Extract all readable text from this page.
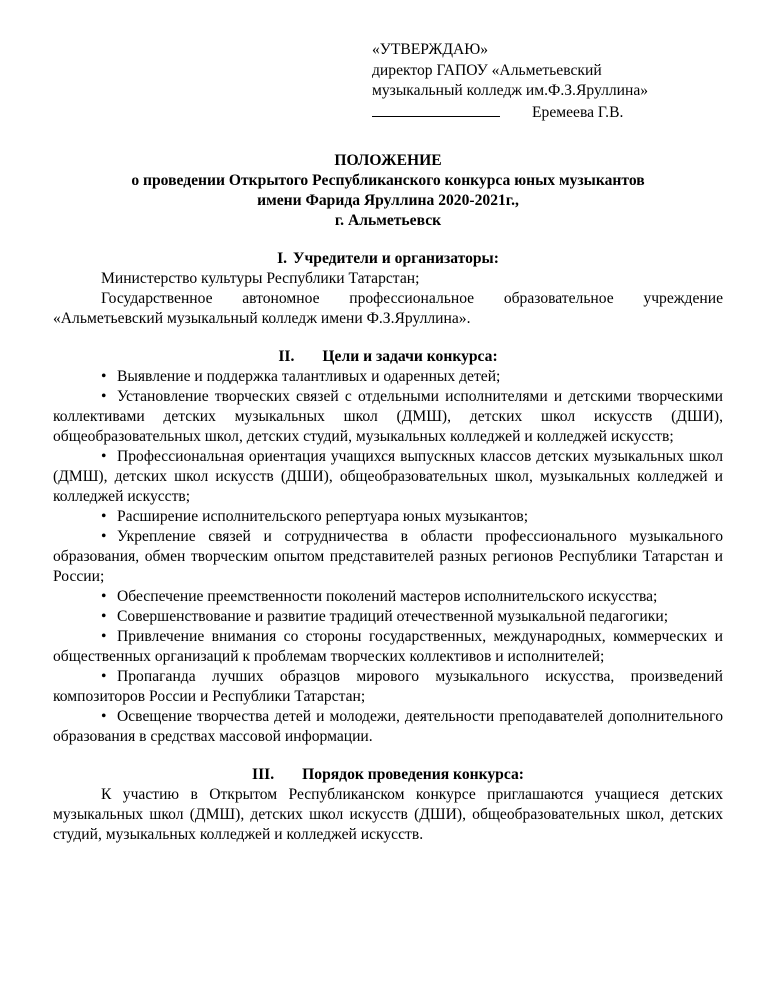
«УТВЕРЖДАЮ»
директор ГАПОУ «Альметьевский
музыкальный колледж им.Ф.З.Яруллина»
Еремеева Г.В.
ПОЛОЖЕНИЕ
о проведении Открытого Республиканского конкурса юных музыкантов
имени Фарида Яруллина 2020-2021г.,
г. Альметьевск
I. Учредители и организаторы:

Министерство культуры Республики Татарстан;

Государственное автономное профессиональное образовательное учреждение «Альметьевский музыкальный колледж имени Ф.З.Яруллина».

II. Цели и задачи конкурса:
• Выявление и поддержка талантливых и одаренных детей;
• Установление творческих связей с отдельными исполнителями и детскими творческими коллективами детских музыкальных школ (ДМШ), детских школ искусств (ДШИ), общеобразовательных школ, детских студий, музыкальных колледжей и колледжей искусств;
• Профессиональная ориентация учащихся выпускных классов детских музыкальных школ (ДМШ), детских школ искусств (ДШИ), общеобразовательных школ, музыкальных колледжей и колледжей искусств;
• Расширение исполнительского репертуара юных музыкантов;
• Укрепление связей и сотрудничества в области профессионального музыкального образования, обмен творческим опытом представителей разных регионов Республики Татарстан и России;
• Обеспечение преемственности поколений мастеров исполнительского искусства;
• Совершенствование и развитие традиций отечественной музыкальной педагогики;
• Привлечение внимания со стороны государственных, международных, коммерческих и общественных организаций к проблемам творческих коллективов и исполнителей;
• Пропаганда лучших образцов мирового музыкального искусства, произведений композиторов России и Республики Татарстан;
• Освещение творчества детей и молодежи, деятельности преподавателей дополнительного образования в средствах массовой информации.
III. Порядок проведения конкурса:

К участию в Открытом Республиканском конкурсе приглашаются учащиеся детских музыкальных школ (ДМШ), детских школ искусств (ДШИ), общеобразовательных школ, детских студий, музыкальных колледжей и колледжей искусств.
